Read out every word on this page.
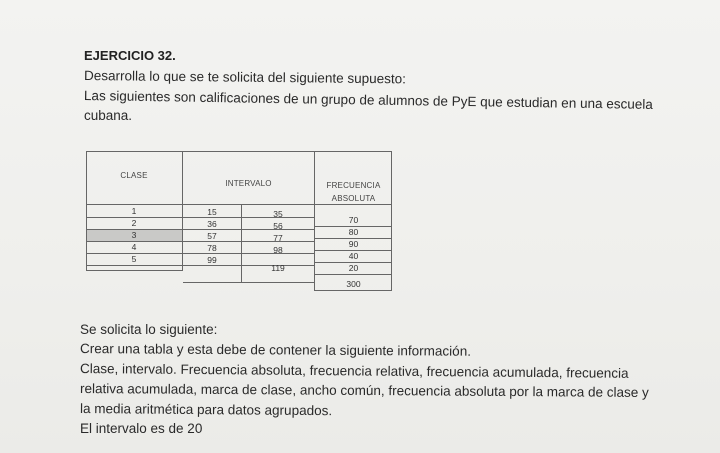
EJERCICIO 32.
Desarrolla lo que se te solicita del siguiente supuesto:
Las siguientes son calificaciones de un grupo de alumnos de PyE que estudian en una escuela
cubana.
CLASE
INTERVALO	FRECUENCIA
ABSOLUTA
1
2
3
4
5
15
36
57
78
99
35
56
77
98
119
70
80
90
40
20
300
Se solicita lo siguiente:
Crear una tabla y esta debe de contener la siguiente información.
Clase, intervalo. Frecuencia absoluta, frecuencia relativa, frecuencia acumulada, frecuencia
relativa acumulada, marca de clase, ancho común, frecuencia absoluta por la marca de clase y
la media aritmética para datos agrupados.
El intervalo es de 20
